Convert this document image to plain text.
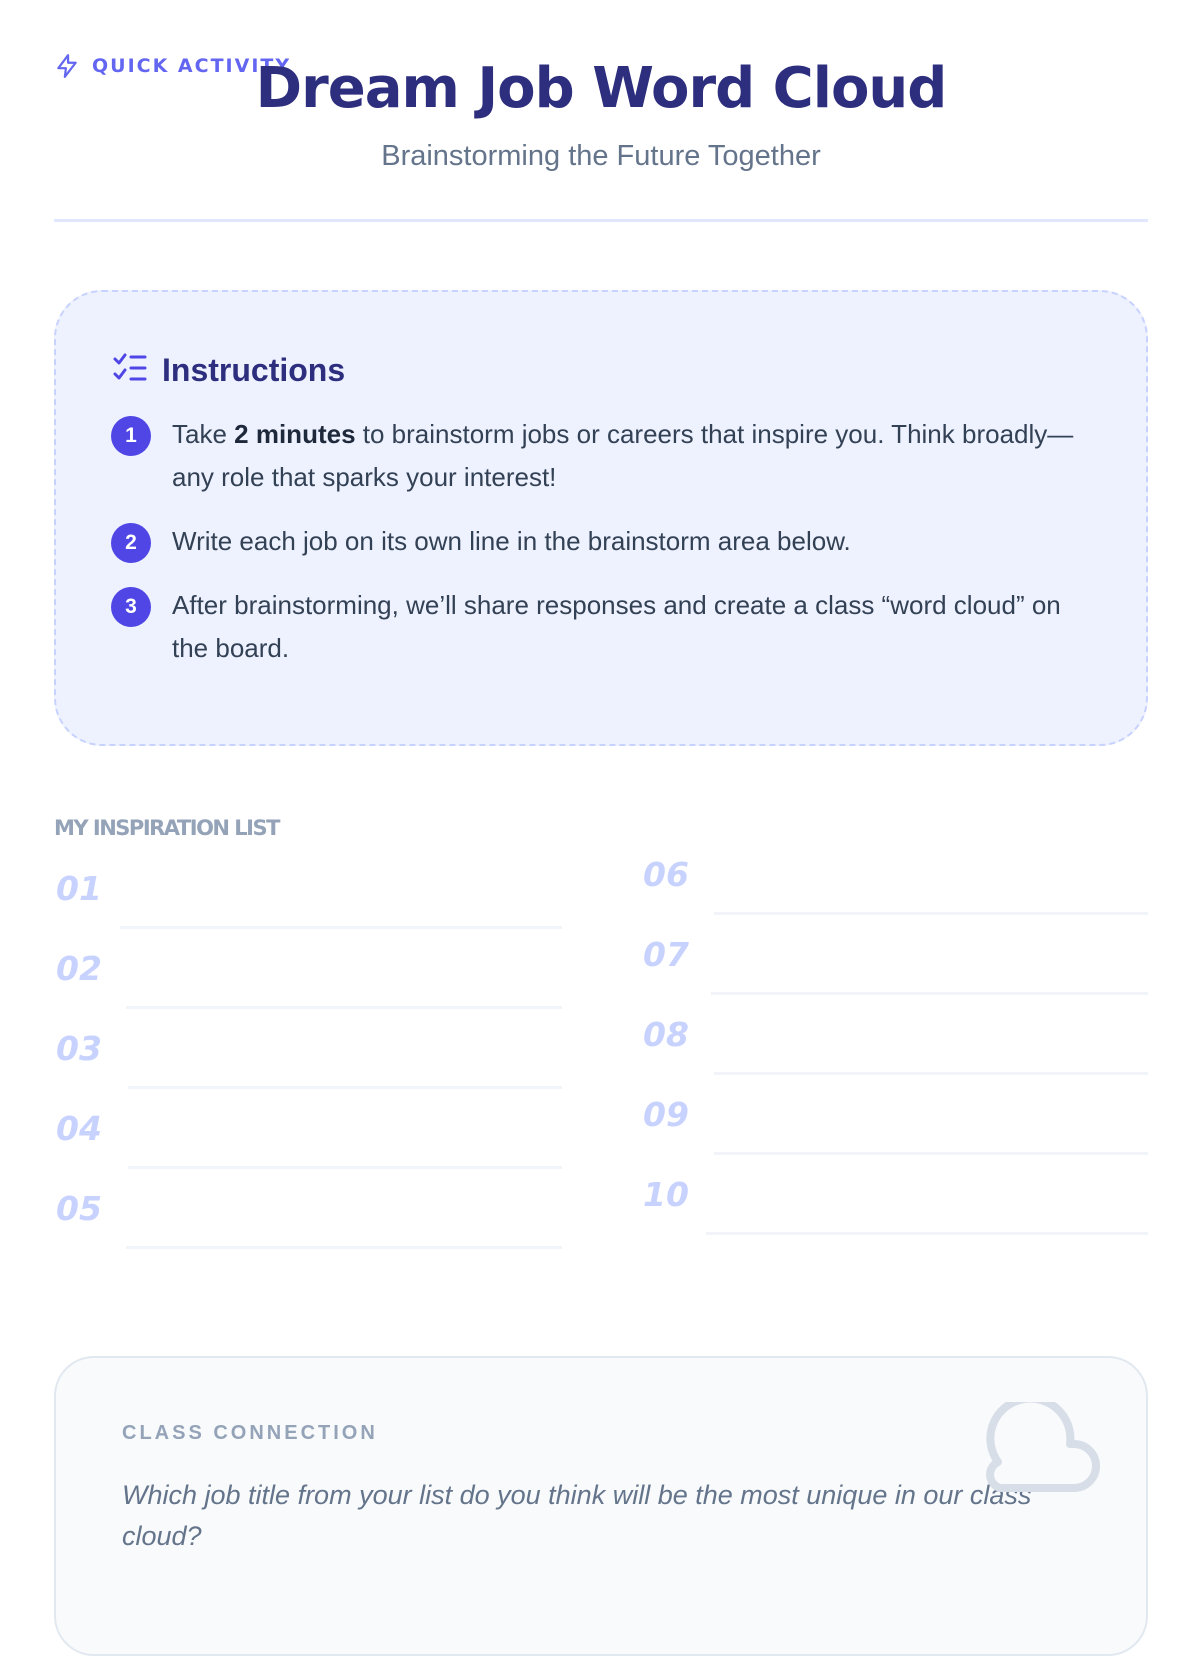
QUICK ACTIVITY
Dream Job Word Cloud
Brainstorming the Future Together
Instructions
1	Take 2 minutes to brainstorm jobs or careers that inspire you. Think broadly—any role that sparks your interest!
2	Write each job on its own line in the brainstorm area below.
3	After brainstorming, we’ll share responses and create a class “word cloud” on the board.
MY INSPIRATION LIST
01
02
03
04
05
06
07
08
09
10
CLASS CONNECTION
Which job title from your list do you think will be the most unique in our class cloud?
